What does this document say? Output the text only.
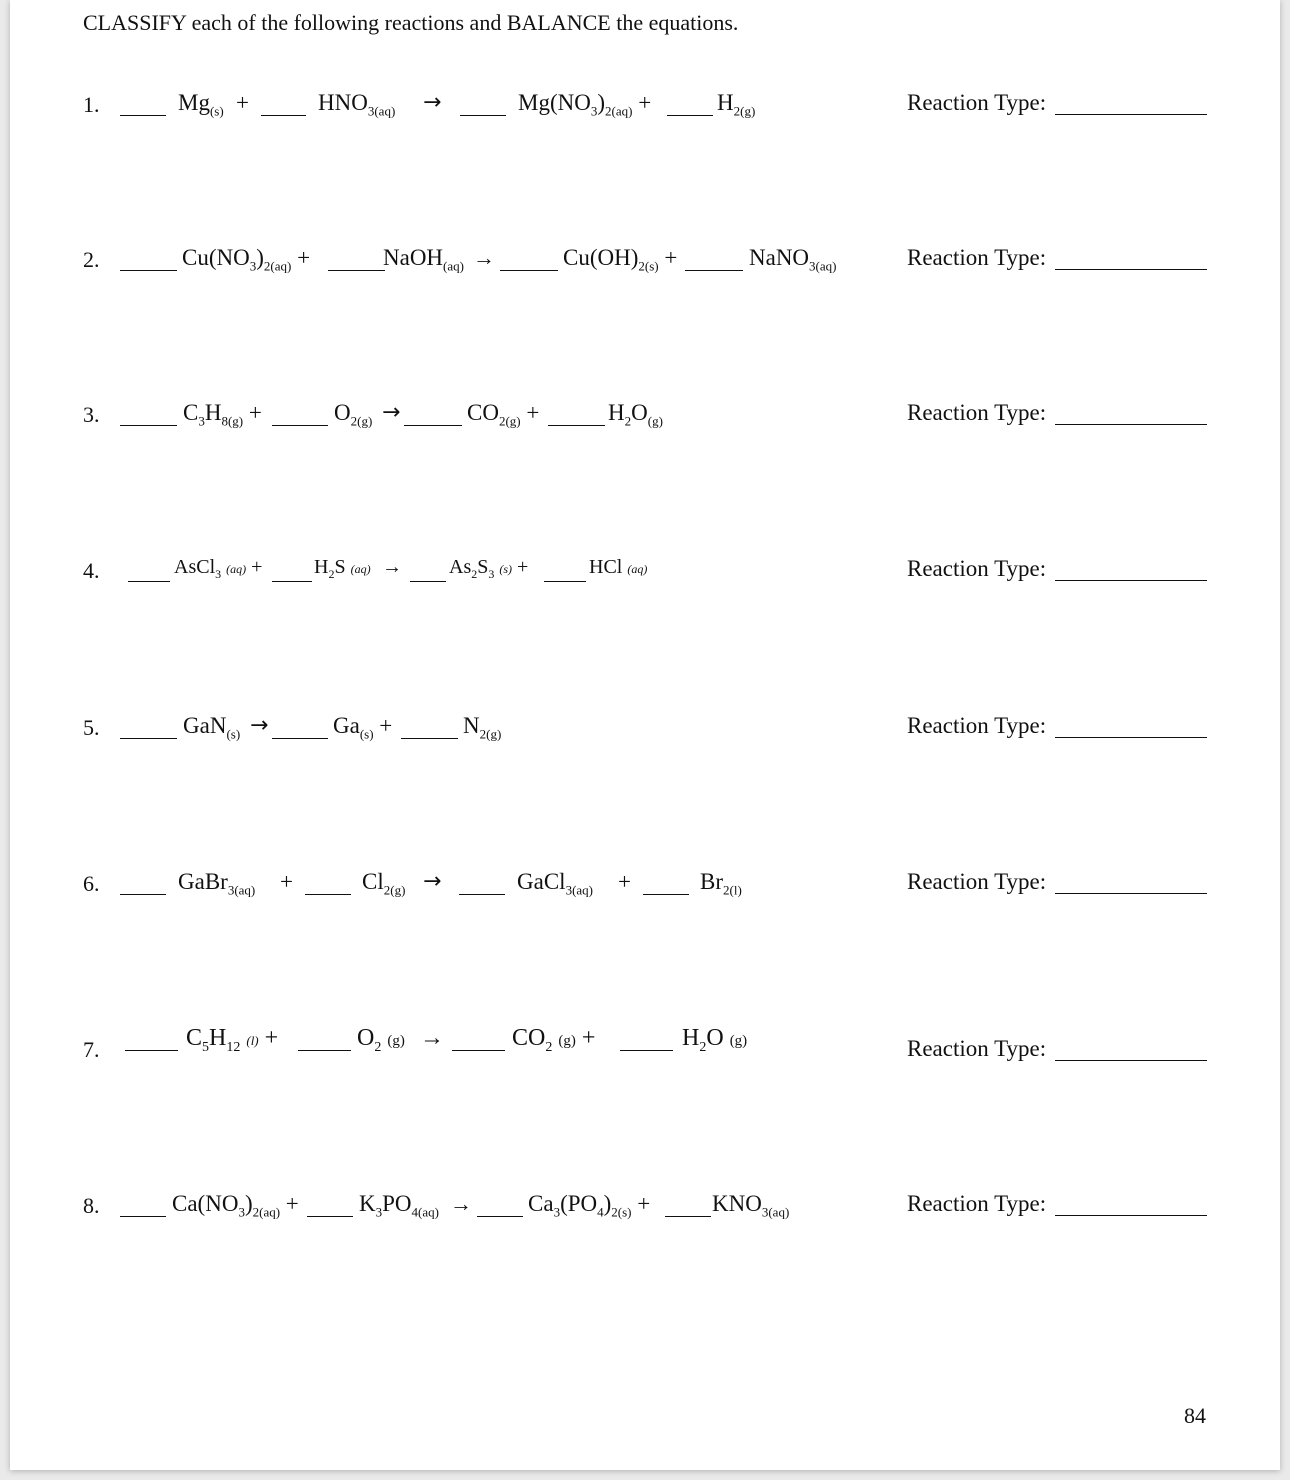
CLASSIFY each of the following reactions and BALANCE the equations.
1.	$Mg_{(s)}$ +	$HNO_{3(aq)}$ →	$Mg(NO_3)_{2(aq)}$ +	$H_{2(g)}$	Reaction Type:
2.	$Cu(NO_3)_{2(aq)}$ +	NaOH$_{(aq)}$ →	$Cu(OH)_{2(s)}$ +	NaNO$_{3(aq)}$	Reaction Type:
3.	$C_3H_{8(g)}$ +	$O_{2(g)}$ →	$CO_{2(g)}$ +	$H_2O_{(g)}$	Reaction Type:
4.	AsCl$_3$ (aq) +	$H_2S$ $(aq) \to As_2S_3$ (s) +	HCl (aq)	Reaction Type:
5.	GaN$_{(s)}$ →	$Ga_{(s)}$ +	$N_{2(g)}$	Reaction Type:
6.	GaBr$_{3(aq)}$ +	$Cl_{2(g)}$ →	GaCl$_{3(aq)}$ +	$Br_{2(l)}$	Reaction Type:
7.	$C_5H_{12}$ (l) +	$O_2$ (g) →	$CO_2$ (g) +	$H_2O$ (g)	Reaction Type:
8.	$Ca(NO_3)_{2(aq)}$ +	$K_3PO_{4(aq)} \to Ca_3(PO_4)_{2(s)}$ +	$KNO_{3(aq)}$	Reaction Type:
84
